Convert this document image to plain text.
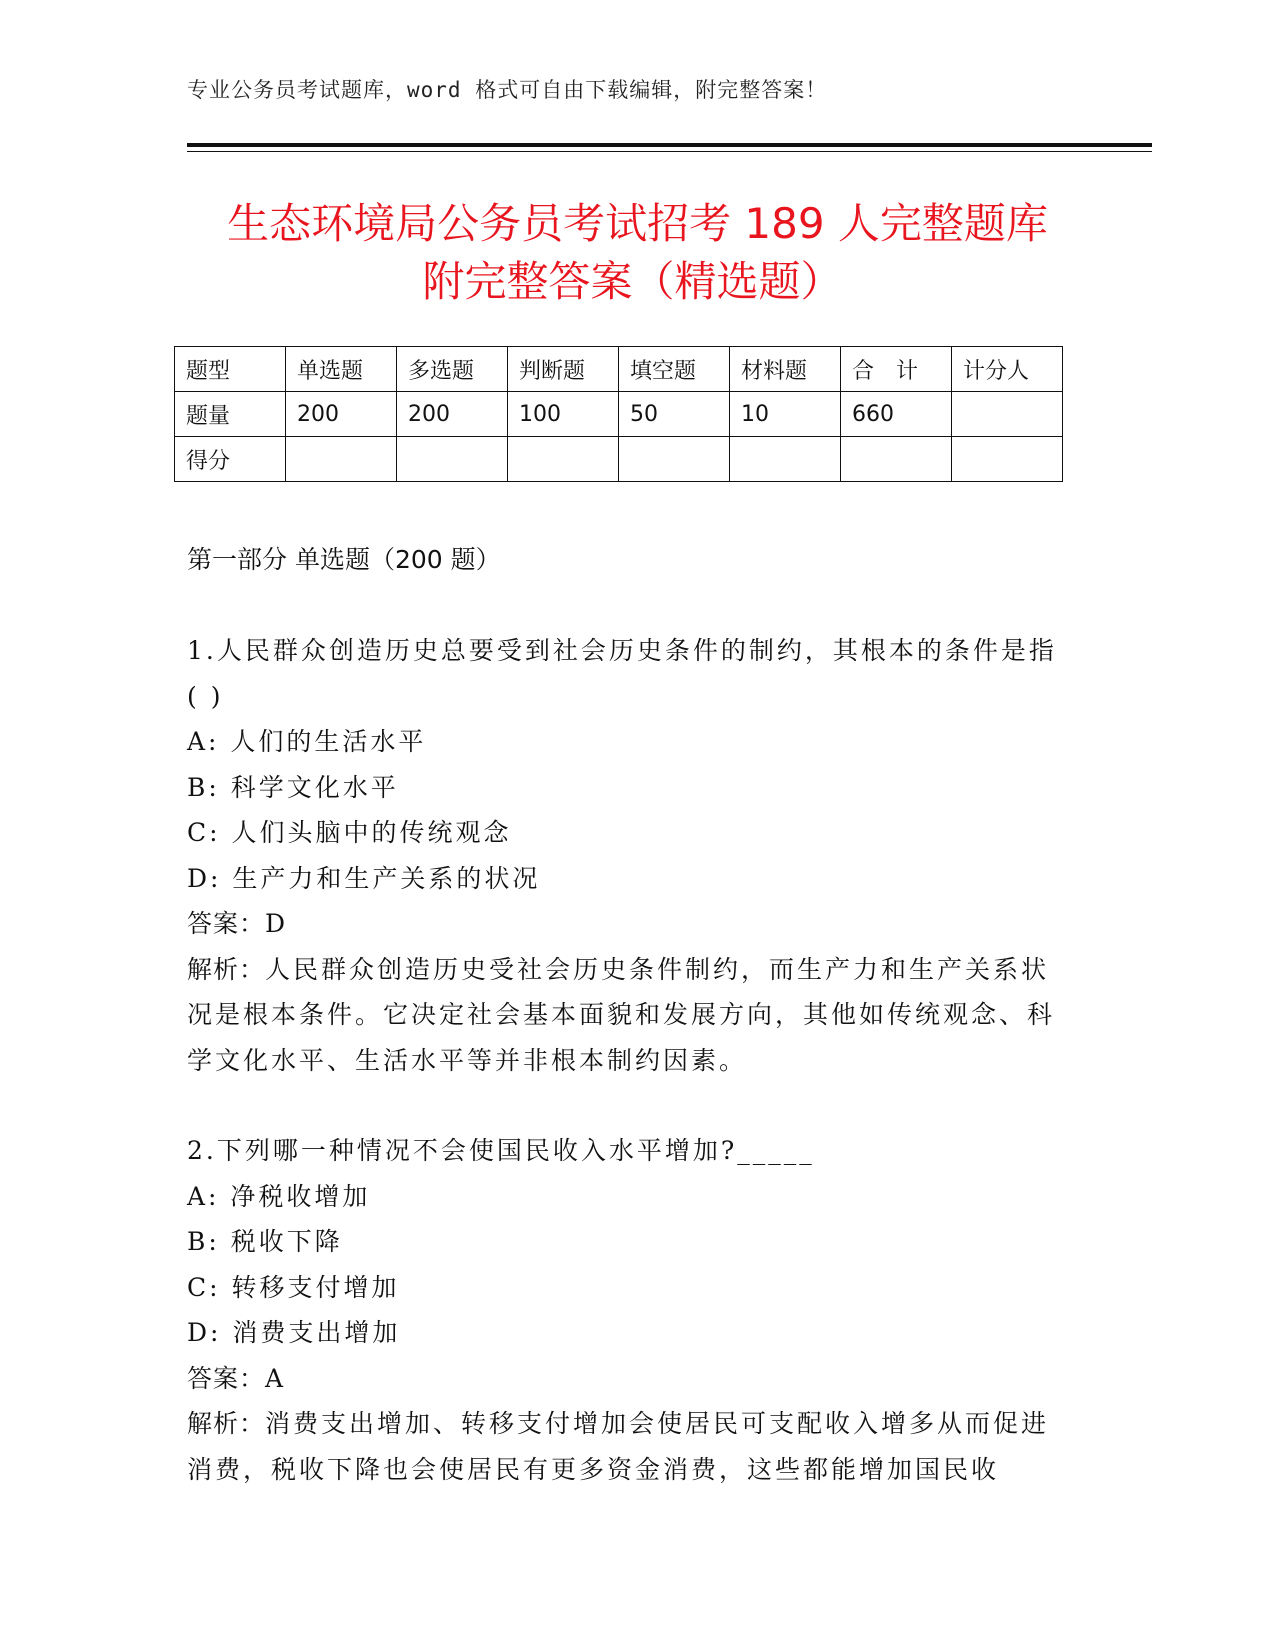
专业公务员考试题库，word 格式可自由下载编辑，附完整答案！
生态环境局公务员考试招考 189 人完整题库
附完整答案（精选题）
题型	单选题	多选题	判断题	填空题	材料题	合　计	计分人
题量	200	200	100	50	10	660	
得分							
第一部分 单选题（200 题）

1.人民群众创造历史总要受到社会历史条件的制约，其根本的条件是指( )

A: 人们的生活水平

B: 科学文化水平

C: 人们头脑中的传统观念

D: 生产力和生产关系的状况

答案：D

解析：人民群众创造历史受社会历史条件制约，而生产力和生产关系状况是根本条件。它决定社会基本面貌和发展方向，其他如传统观念、科学文化水平、生活水平等并非根本制约因素。

2.下列哪一种情况不会使国民收入水平增加?_____

A: 净税收增加

B: 税收下降

C: 转移支付增加

D: 消费支出增加

答案：A

解析：消费支出增加、转移支付增加会使居民可支配收入增多从而促进消费，税收下降也会使居民有更多资金消费，这些都能增加国民收
